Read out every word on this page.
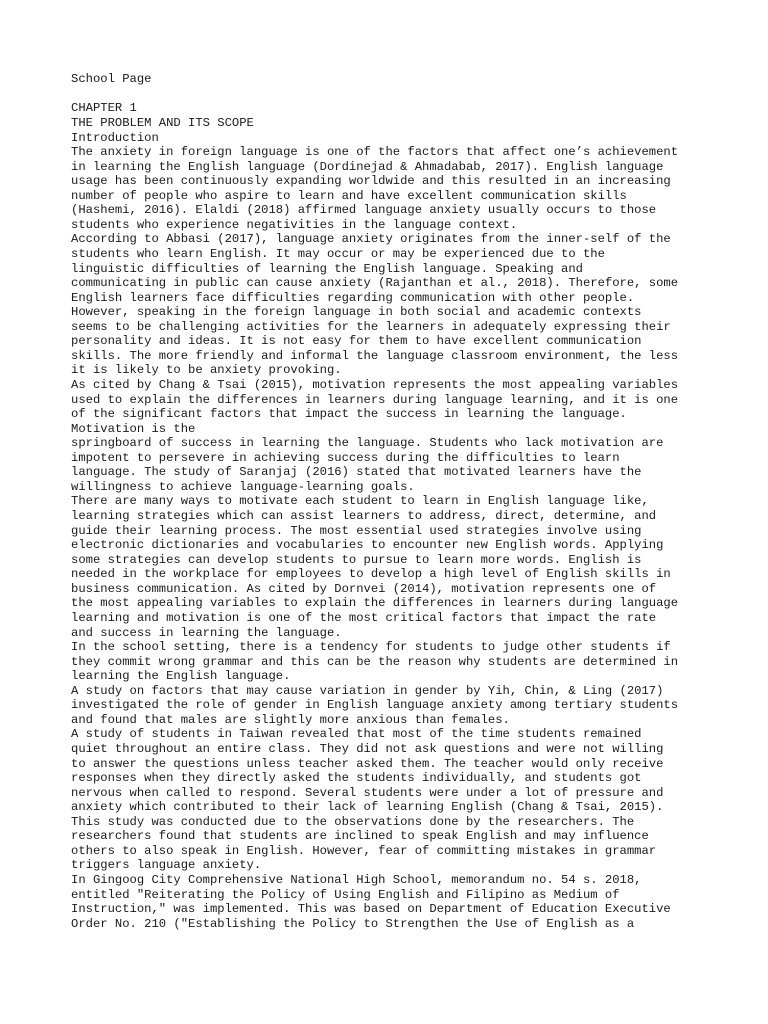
School Page
CHAPTER 1
THE PROBLEM AND ITS SCOPE
Introduction
The anxiety in foreign language is one of the factors that affect one’s achievement
in learning the English language (Dordinejad & Ahmadabab, 2017). English language
usage has been continuously expanding worldwide and this resulted in an increasing
number of people who aspire to learn and have excellent communication skills
(Hashemi, 2016). Elaldi (2018) affirmed language anxiety usually occurs to those
students who experience negativities in the language context.
According to Abbasi (2017), language anxiety originates from the inner-self of the
students who learn English. It may occur or may be experienced due to the
linguistic difficulties of learning the English language. Speaking and
communicating in public can cause anxiety (Rajanthan et al., 2018). Therefore, some
English learners face difficulties regarding communication with other people.
However, speaking in the foreign language in both social and academic contexts
seems to be challenging activities for the learners in adequately expressing their
personality and ideas. It is not easy for them to have excellent communication
skills. The more friendly and informal the language classroom environment, the less
it is likely to be anxiety provoking.
As cited by Chang & Tsai (2015), motivation represents the most appealing variables
used to explain the differences in learners during language learning, and it is one
of the significant factors that impact the success in learning the language.
Motivation is the
springboard of success in learning the language. Students who lack motivation are
impotent to persevere in achieving success during the difficulties to learn
language. The study of Saranjaj (2016) stated that motivated learners have the
willingness to achieve language-learning goals.
There are many ways to motivate each student to learn in English language like,
learning strategies which can assist learners to address, direct, determine, and
guide their learning process. The most essential used strategies involve using
electronic dictionaries and vocabularies to encounter new English words. Applying
some strategies can develop students to pursue to learn more words. English is
needed in the workplace for employees to develop a high level of English skills in
business communication. As cited by Dornvei (2014), motivation represents one of
the most appealing variables to explain the differences in learners during language
learning and motivation is one of the most critical factors that impact the rate
and success in learning the language.
In the school setting, there is a tendency for students to judge other students if
they commit wrong grammar and this can be the reason why students are determined in
learning the English language.
A study on factors that may cause variation in gender by Yih, Chin, & Ling (2017)
investigated the role of gender in English language anxiety among tertiary students
and found that males are slightly more anxious than females.
A study of students in Taiwan revealed that most of the time students remained
quiet throughout an entire class. They did not ask questions and were not willing
to answer the questions unless teacher asked them. The teacher would only receive
responses when they directly asked the students individually, and students got
nervous when called to respond. Several students were under a lot of pressure and
anxiety which contributed to their lack of learning English (Chang & Tsai, 2015).
This study was conducted due to the observations done by the researchers. The
researchers found that students are inclined to speak English and may influence
others to also speak in English. However, fear of committing mistakes in grammar
triggers language anxiety.
In Gingoog City Comprehensive National High School, memorandum no. 54 s. 2018,
entitled "Reiterating the Policy of Using English and Filipino as Medium of
Instruction," was implemented. This was based on Department of Education Executive
Order No. 210 ("Establishing the Policy to Strengthen the Use of English as a
